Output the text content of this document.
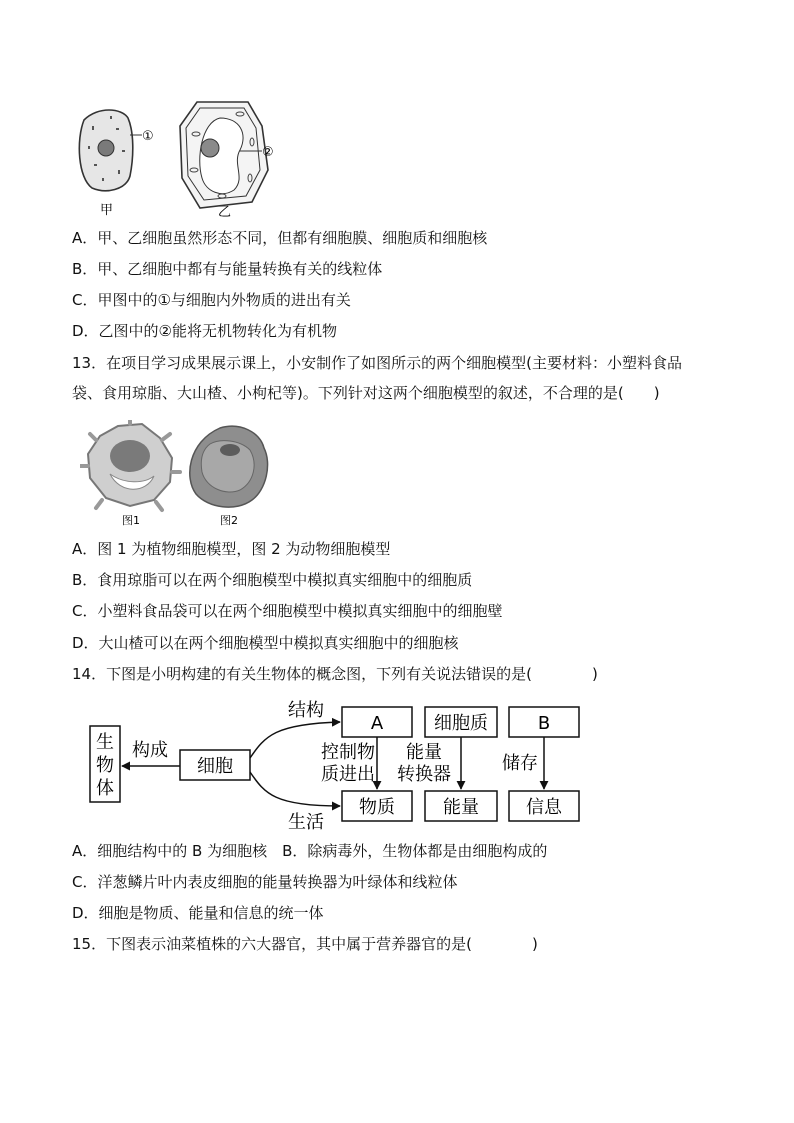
①
甲
②
乙
A．甲、乙细胞虽然形态不同，但都有细胞膜、细胞质和细胞核
B．甲、乙细胞中都有与能量转换有关的线粒体
C．甲图中的①与细胞内外物质的进出有关
D．乙图中的②能将无机物转化为有机物
13．在项目学习成果展示课上，小安制作了如图所示的两个细胞模型(主要材料：小塑料食品
袋、食用琼脂、大山楂、小枸杞等)。下列针对这两个细胞模型的叙述，不合理的是(　　)
图1	图2
A．图 1 为植物细胞模型，图 2 为动物细胞模型
B．食用琼脂可以在两个细胞模型中模拟真实细胞中的细胞质
C．小塑料食品袋可以在两个细胞模型中模拟真实细胞中的细胞壁
D．大山楂可以在两个细胞模型中模拟真实细胞中的细胞核
14．下图是小明构建的有关生物体的概念图，下列有关说法错误的是(　　　　)
生
物
体
构成
细胞
结构
生活
A	细胞质	B
控制物
质进出
能量
转换器
储存
物质	能量	信息
A．细胞结构中的 B 为细胞核　B．除病毒外，生物体都是由细胞构成的
C．洋葱鳞片叶内表皮细胞的能量转换器为叶绿体和线粒体
D．细胞是物质、能量和信息的统一体
15．下图表示油菜植株的六大器官，其中属于营养器官的是(　　　　)
